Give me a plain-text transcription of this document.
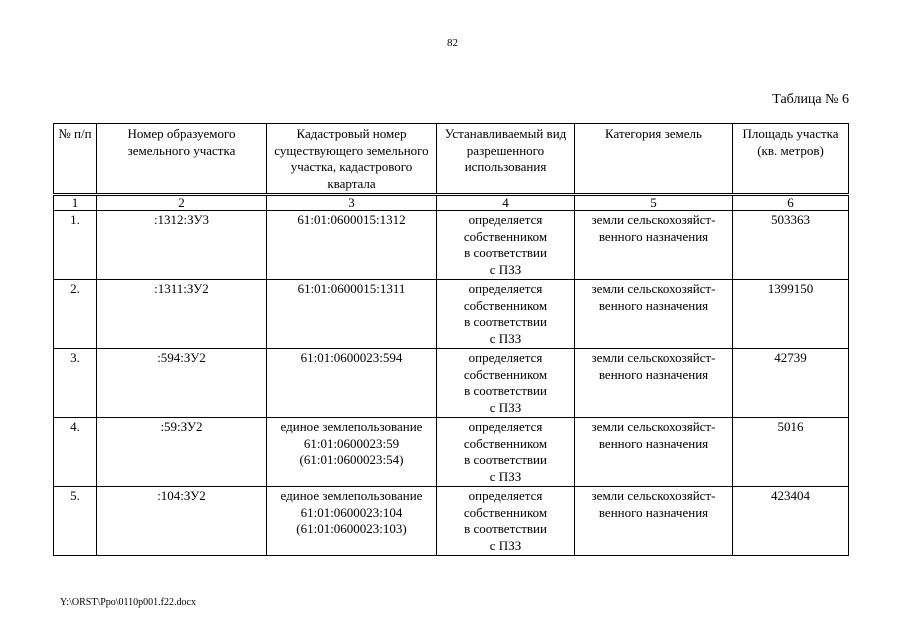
82
Таблица № 6
№ п/п	Номер образуемого земельного участка	Кадастровый номер существующего земельного участка, кадастрового квартала	Устанавливаемый вид разрешенного использования	Категория земель	Площадь участка (кв. метров)
1	2	3	4	5	6
1.	:1312:ЗУ3	61:01:0600015:1312	определяется
собственником
в соответствии
с ПЗЗ	земли сельскохозяйст-
венного назначения	503363
2.	:1311:ЗУ2	61:01:0600015:1311	определяется
собственником
в соответствии
с ПЗЗ	земли сельскохозяйст-
венного назначения	1399150
3.	:594:ЗУ2	61:01:0600023:594	определяется
собственником
в соответствии
с ПЗЗ	земли сельскохозяйст-
венного назначения	42739
4.	:59:ЗУ2	единое землепользование
61:01:0600023:59
(61:01:0600023:54)	определяется
собственником
в соответствии
с ПЗЗ	земли сельскохозяйст-
венного назначения	5016
5.	:104:ЗУ2	единое землепользование
61:01:0600023:104
(61:01:0600023:103)	определяется
собственником
в соответствии
с ПЗЗ	земли сельскохозяйст-
венного назначения	423404
Y:\ORST\Ppo\0110p001.f22.docx
